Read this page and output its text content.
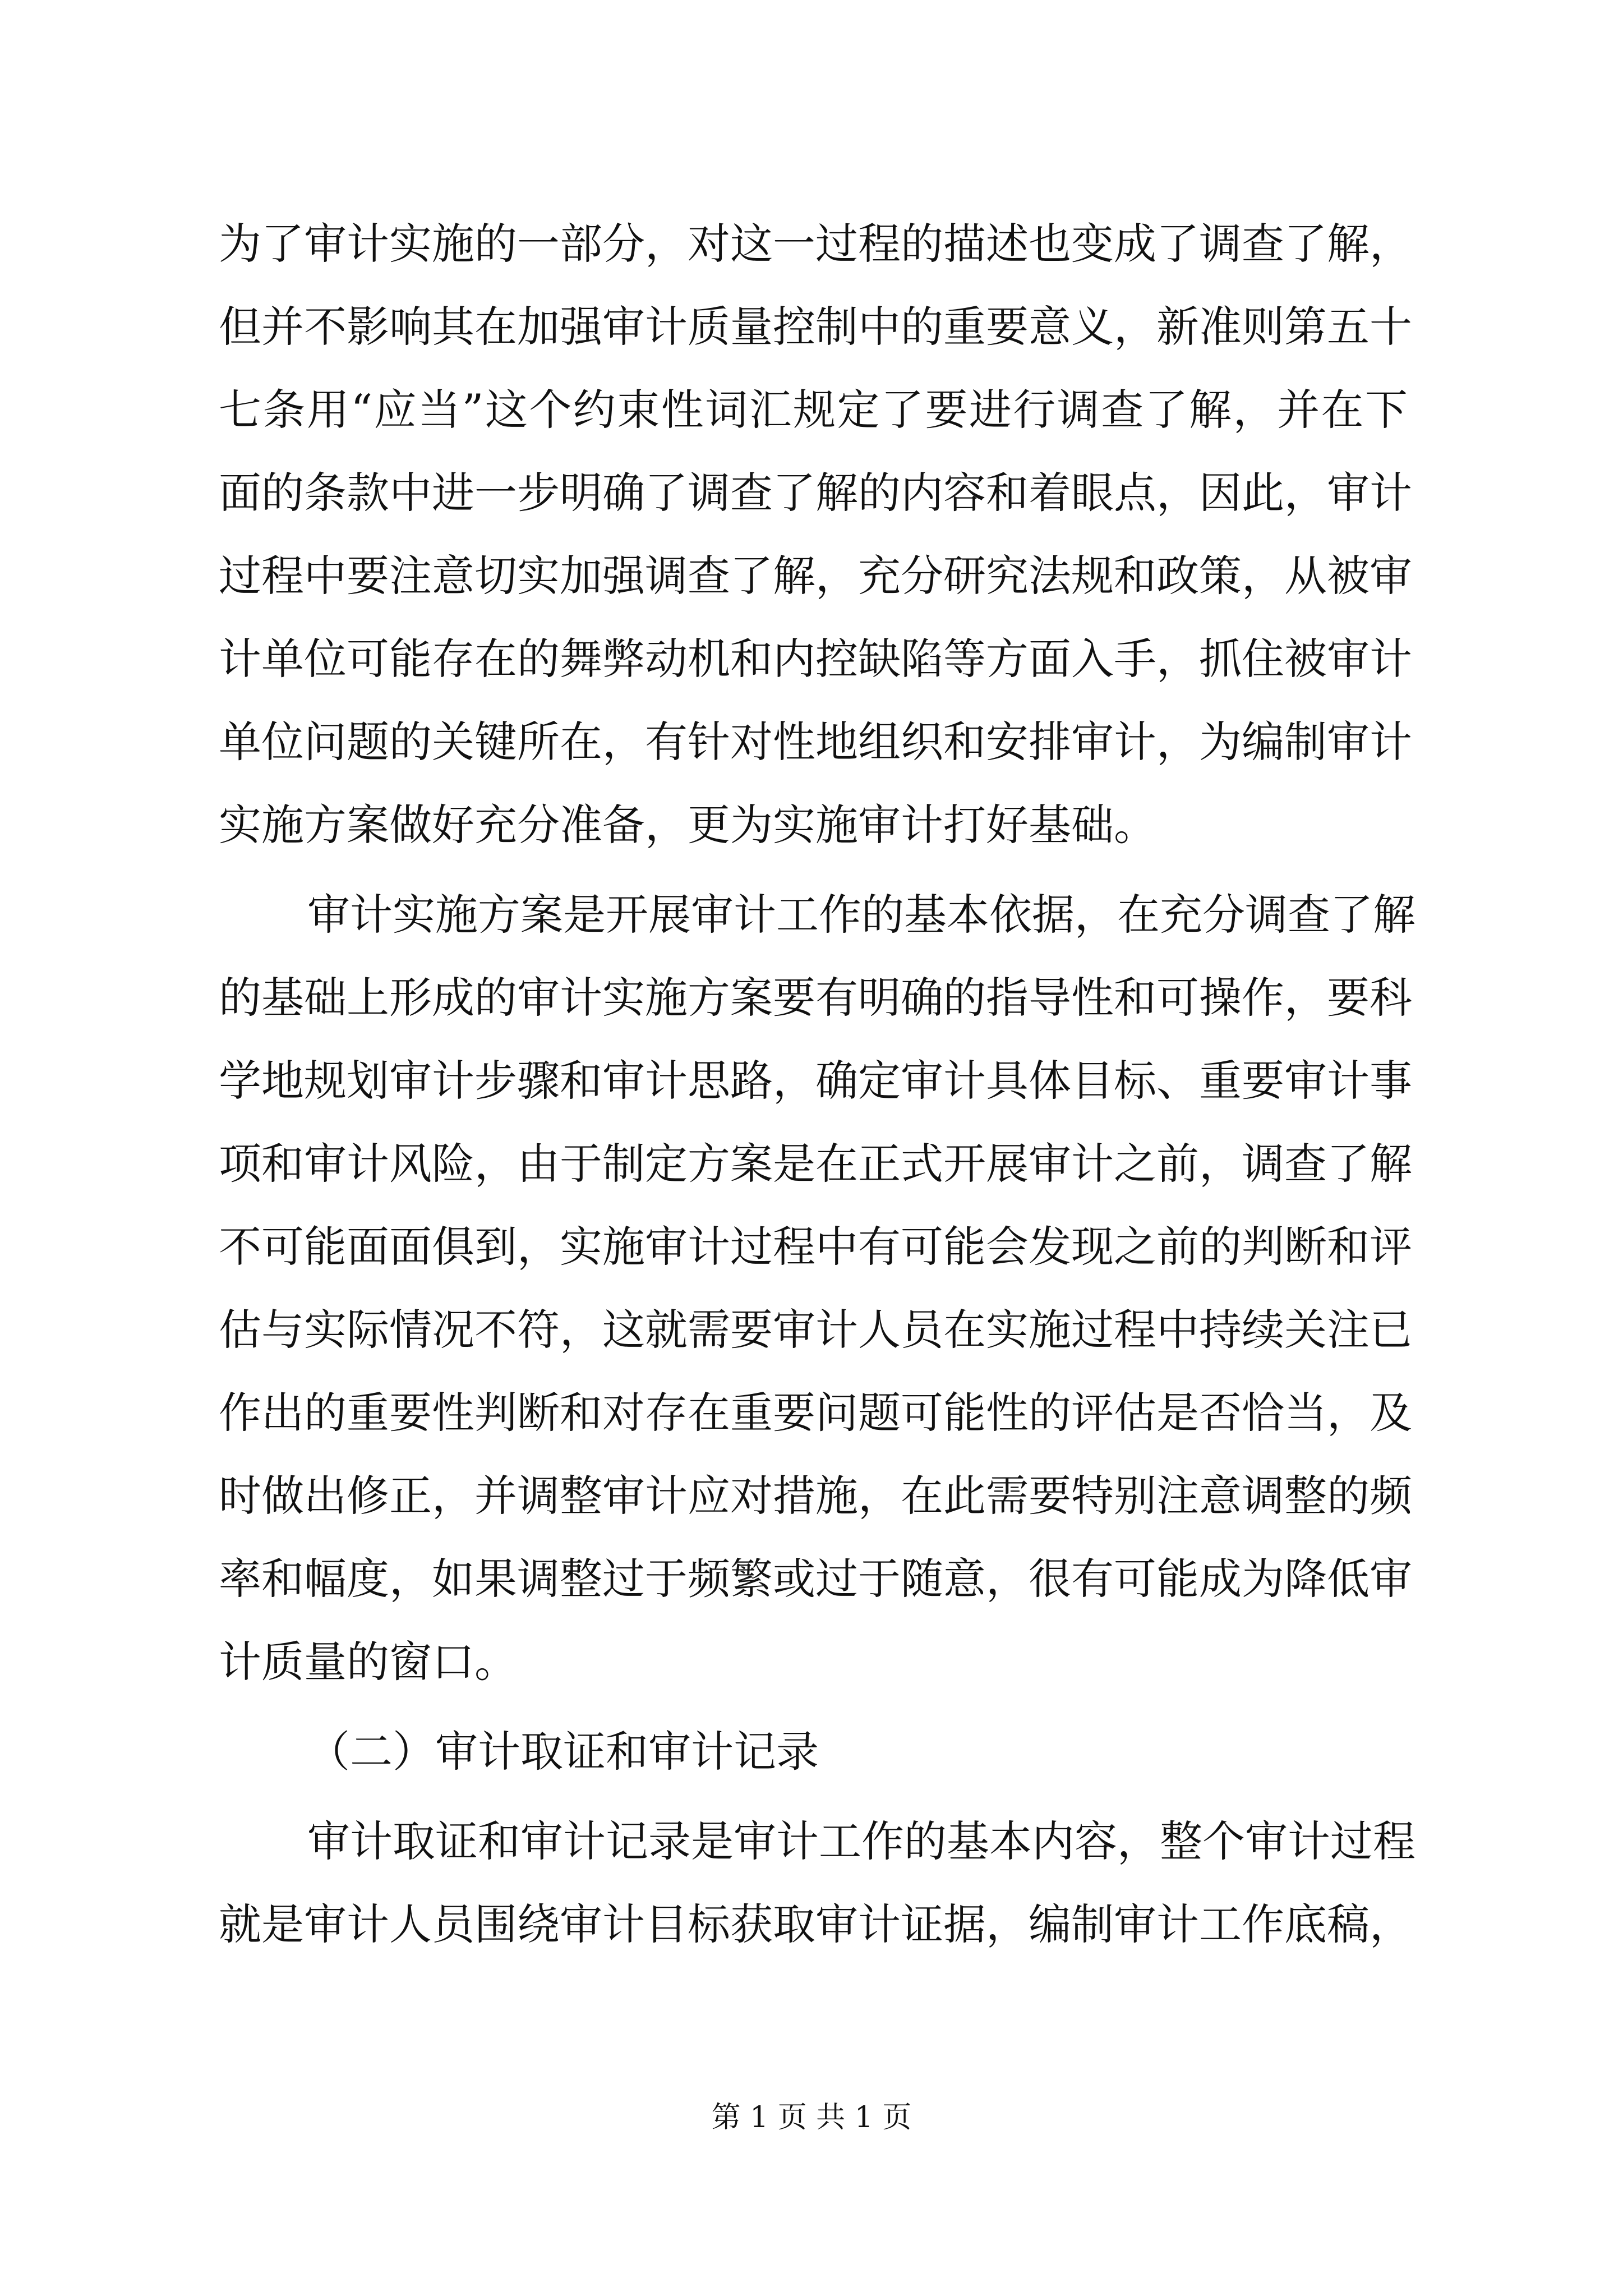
为了审计实施的一部分，对这一过程的描述也变成了调查了解，
但并不影响其在加强审计质量控制中的重要意义，新准则第五十
七条用“应当”这个约束性词汇规定了要进行调查了解，并在下
面的条款中进一步明确了调查了解的内容和着眼点，因此，审计
过程中要注意切实加强调查了解，充分研究法规和政策，从被审
计单位可能存在的舞弊动机和内控缺陷等方面入手，抓住被审计
单位问题的关键所在，有针对性地组织和安排审计，为编制审计
实施方案做好充分准备，更为实施审计打好基础。
审计实施方案是开展审计工作的基本依据，在充分调查了解
的基础上形成的审计实施方案要有明确的指导性和可操作，要科
学地规划审计步骤和审计思路，确定审计具体目标、重要审计事
项和审计风险，由于制定方案是在正式开展审计之前，调查了解
不可能面面俱到，实施审计过程中有可能会发现之前的判断和评
估与实际情况不符，这就需要审计人员在实施过程中持续关注已
作出的重要性判断和对存在重要问题可能性的评估是否恰当，及
时做出修正，并调整审计应对措施，在此需要特别注意调整的频
率和幅度，如果调整过于频繁或过于随意，很有可能成为降低审
计质量的窗口。
（二）审计取证和审计记录
审计取证和审计记录是审计工作的基本内容，整个审计过程
就是审计人员围绕审计目标获取审计证据，编制审计工作底稿，
第 1 页 共 1 页
